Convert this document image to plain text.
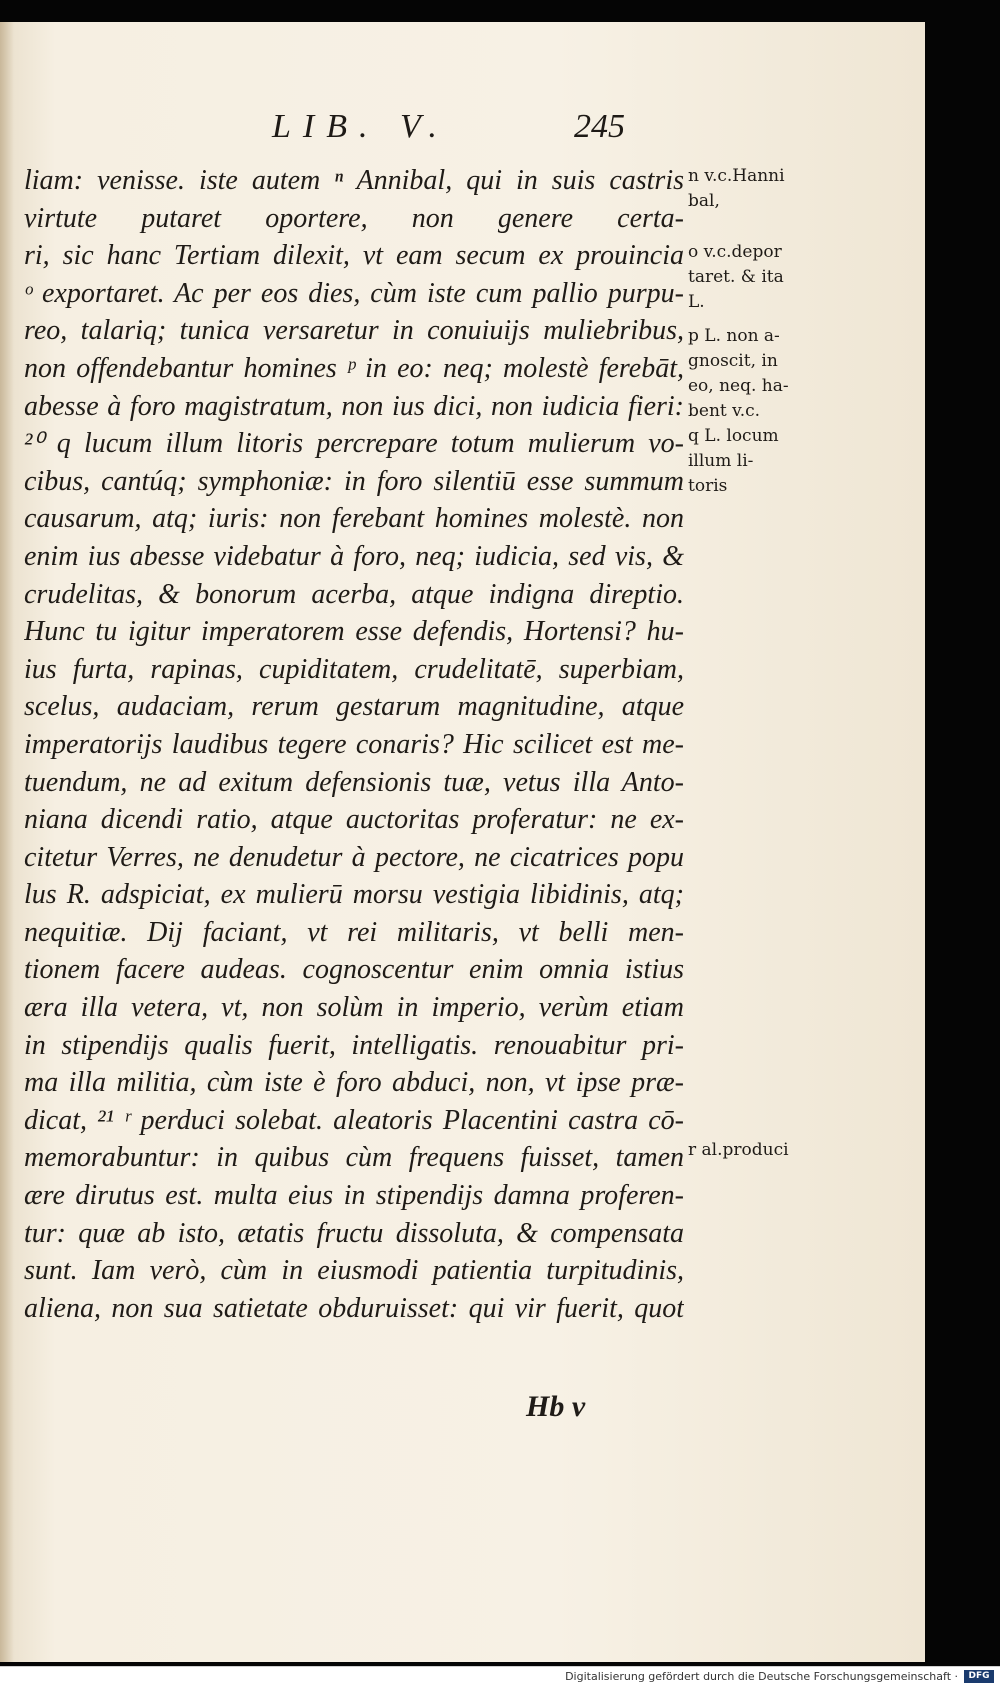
LIB. V.	245
liam: venisse. iste autem ⁿ Annibal, qui in suis castris
virtute putaret oportere, non genere certa-
ri, sic hanc Tertiam dilexit, vt eam secum ex prouincia
ᵒ exportaret. Ac per eos dies, cùm iste cum pallio purpu-
reo, talariq; tunica versaretur in conuiuijs muliebribus,
non offendebantur homines ᵖ in eo: neq; molestè ferebāt,
abesse à foro magistratum, non ius dici, non iudicia fieri:
²⁰ q lucum illum litoris percrepare totum mulierum vo-
cibus, cantúq; symphoniæ: in foro silentiū esse summum
causarum, atq; iuris: non ferebant homines molestè. non
enim ius abesse videbatur à foro, neq; iudicia, sed vis, &
crudelitas, & bonorum acerba, atque indigna direptio.
Hunc tu igitur imperatorem esse defendis, Hortensi? hu-
ius furta, rapinas, cupiditatem, crudelitatē, superbiam,
scelus, audaciam, rerum gestarum magnitudine, atque
imperatorijs laudibus tegere conaris? Hic scilicet est me-
tuendum, ne ad exitum defensionis tuæ, vetus illa Anto-
niana dicendi ratio, atque auctoritas proferatur: ne ex-
citetur Verres, ne denudetur à pectore, ne cicatrices popu
lus R. adspiciat, ex mulierū morsu vestigia libidinis, atq;
nequitiæ. Dij faciant, vt rei militaris, vt belli men-
tionem facere audeas. cognoscentur enim omnia istius
æra illa vetera, vt, non solùm in imperio, verùm etiam
in stipendijs qualis fuerit, intelligatis. renouabitur pri-
ma illa militia, cùm iste è foro abduci, non, vt ipse præ-
dicat, ²¹ ʳ perduci solebat. aleatoris Placentini castra cō-
memorabuntur: in quibus cùm frequens fuisset, tamen
ære dirutus est. multa eius in stipendijs damna proferen-
tur: quæ ab isto, ætatis fructu dissoluta, & compensata
sunt. Iam verò, cùm in eiusmodi patientia turpitudinis,
aliena, non sua satietate obduruisset: qui vir fuerit, quot
n v.c.Hanni
bal,
o v.c.depor
taret. & ita
L.
p L. non a-
gnoscit, in
eo, neq. ha-
bent v.c.
q L. locum
illum li-
toris
r al.produci
Hb v
Digitalisierung gefördert durch die Deutsche Forschungsgemeinschaft ·	DFG
